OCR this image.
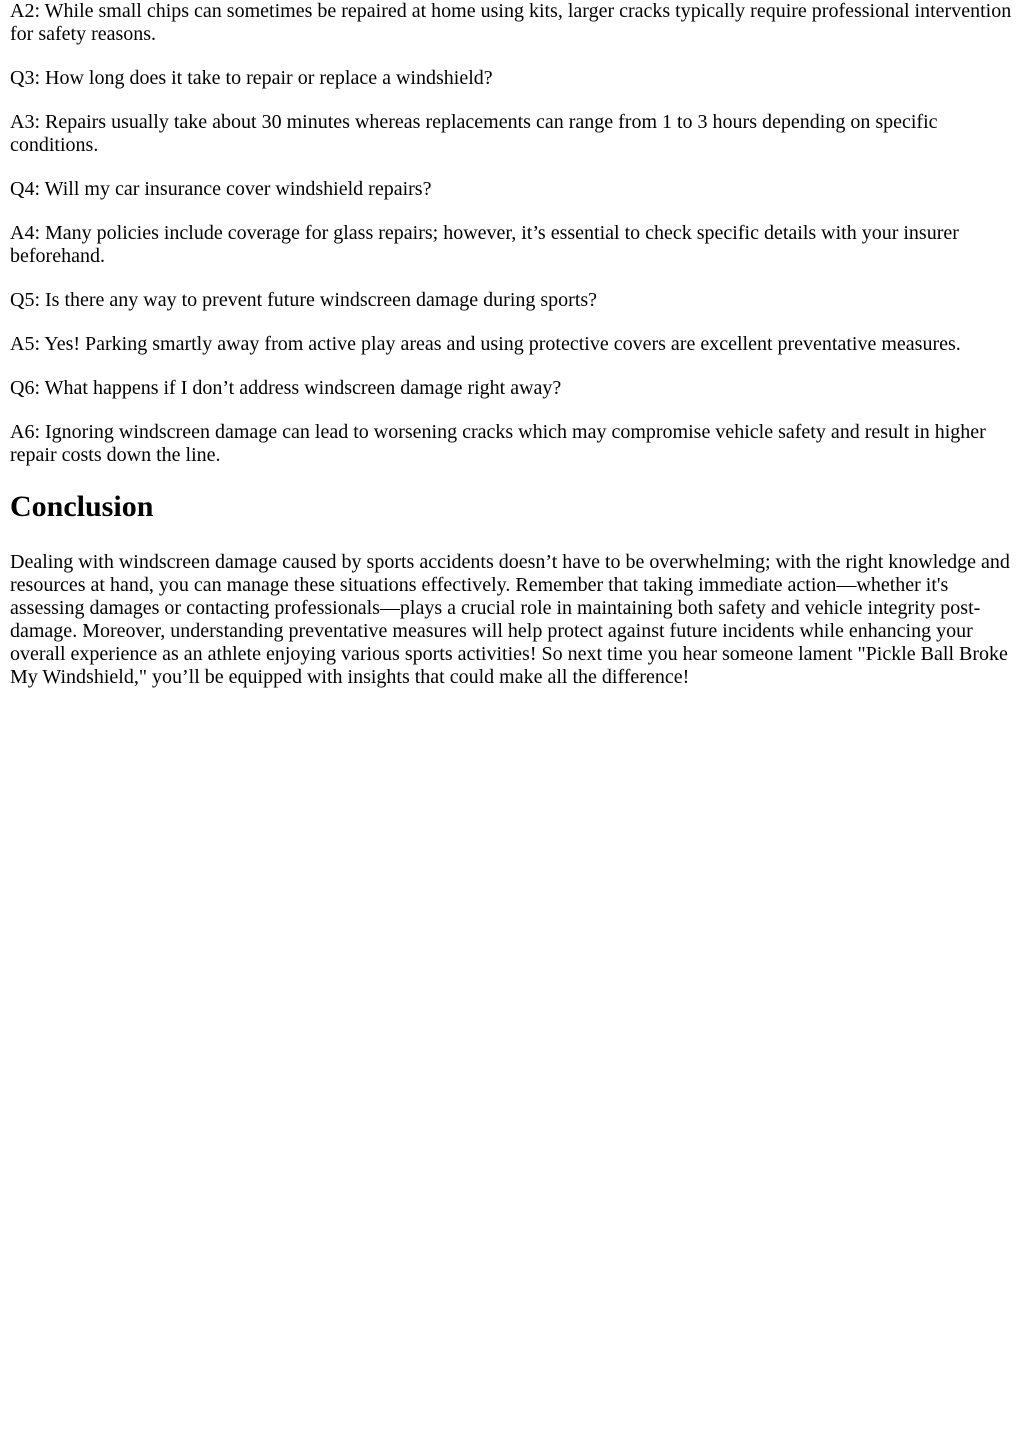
A2: While small chips can sometimes be repaired at home using kits, larger cracks typically require professional intervention for safety reasons.

Q3: How long does it take to repair or replace a windshield?

A3: Repairs usually take about 30 minutes whereas replacements can range from 1 to 3 hours depending on specific conditions.

Q4: Will my car insurance cover windshield repairs?

A4: Many policies include coverage for glass repairs; however, it’s essential to check specific details with your insurer beforehand.

Q5: Is there any way to prevent future windscreen damage during sports?

A5: Yes! Parking smartly away from active play areas and using protective covers are excellent preventative measures.

Q6: What happens if I don’t address windscreen damage right away?

A6: Ignoring windscreen damage can lead to worsening cracks which may compromise vehicle safety and result in higher repair costs down the line.

Conclusion

Dealing with windscreen damage caused by sports accidents doesn’t have to be overwhelming; with the right knowledge and resources at hand, you can manage these situations effectively. Remember that taking immediate action—whether it's assessing damages or contacting professionals—plays a crucial role in maintaining both safety and vehicle integrity post-damage. Moreover, understanding preventative measures will help protect against future incidents while enhancing your overall experience as an athlete enjoying various sports activities! So next time you hear someone lament "Pickle Ball Broke My Windshield," you’ll be equipped with insights that could make all the difference!
